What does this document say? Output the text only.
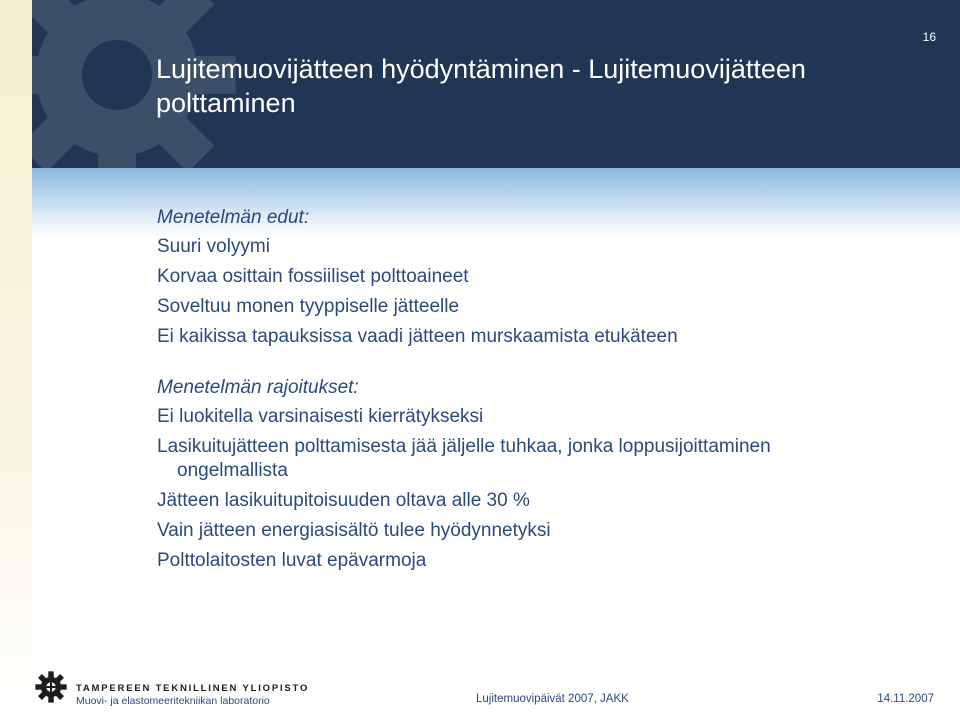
Lujitemuovijätteen hyödyntäminen - Lujitemuovijätteen polttaminen
16
Menetelmän edut:
Suuri volyymi
Korvaa osittain fossiiliset polttoaineet
Soveltuu monen tyyppiselle jätteelle
Ei kaikissa tapauksissa vaadi jätteen murskaamista etukäteen
Menetelmän rajoitukset:
Ei luokitella varsinaisesti kierrätykseksi
Lasikuitujätteen polttamisesta jää jäljelle tuhkaa, jonka loppusijoittaminen ongelmallista
Jätteen lasikuitupitoisuuden oltava alle 30 %
Vain jätteen energiasisältö tulee hyödynnetyksi
Polttolaitosten luvat epävarmoja
TAMPEREEN TEKNILLINEN YLIOPISTO
Muovi- ja elastomeeritekniikan laboratorio	Lujitemuovipäivät 2007, JAKK	14.11.2007
